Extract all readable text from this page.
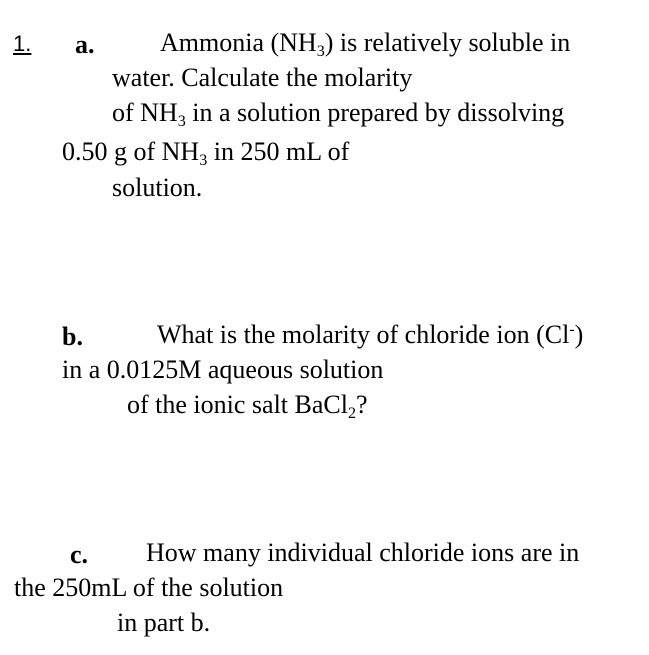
1. a.	Ammonia $(NH_3)$ is relatively soluble in
water. Calculate the molarity
of $NH_3$ in a solution prepared by dissolving
0.50 g of $NH_3$ in 250 mL of
solution.
b.	What is the molarity of chloride ion (Cl-)
in a 0.0125M aqueous solution
of the ionic salt BaCl$_2$?
c. How many individual chloride ions are in
the 250mL of the solution
in part b.
